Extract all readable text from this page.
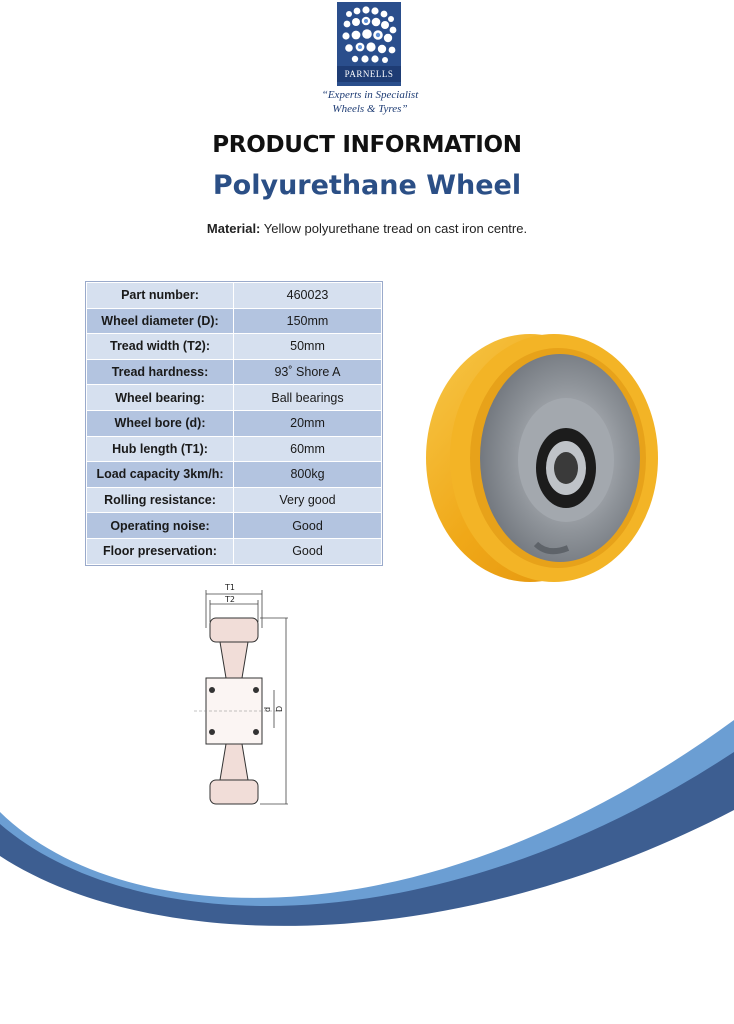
PARNELLS
“Experts in Specialist
Wheels & Tyres”
PRODUCT INFORMATION
Polyurethane Wheel
Material: Yellow polyurethane tread on cast iron centre.
Part number:	460023
Wheel diameter (D):	150mm
Tread width (T2):	50mm
Tread hardness:	93˚ Shore A
Wheel bearing:	Ball bearings
Wheel bore (d):	20mm
Hub length (T1):	60mm
Load capacity 3km/h:	800kg
Rolling resistance:	Very good
Operating noise:	Good
Floor preservation:	Good
T1
T2
d D
